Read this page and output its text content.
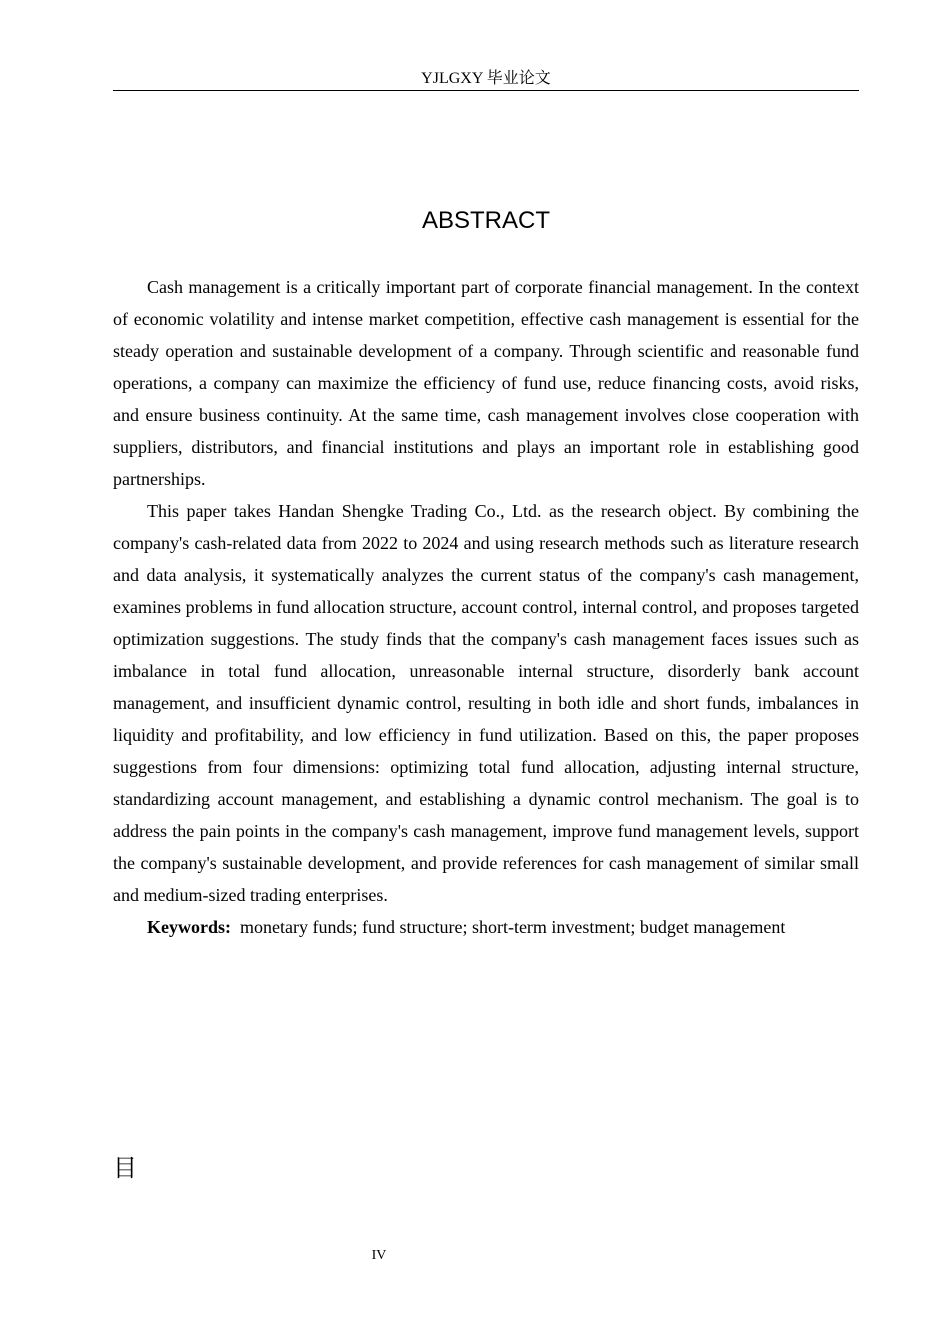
YJLGXY 毕业论文
ABSTRACT

Cash management is a critically important part of corporate financial management. In the context of economic volatility and intense market competition, effective cash management is essential for the steady operation and sustainable development of a company. Through scientific and reasonable fund operations, a company can maximize the efficiency of fund use, reduce financing costs, avoid risks, and ensure business continuity. At the same time, cash management involves close cooperation with suppliers, distributors, and financial institutions and plays an important role in establishing good partnerships.

This paper takes Handan Shengke Trading Co., Ltd. as the research object. By combining the company's cash-related data from 2022 to 2024 and using research methods such as literature research and data analysis, it systematically analyzes the current status of the company's cash management, examines problems in fund allocation structure, account control, internal control, and proposes targeted optimization suggestions. The study finds that the company's cash management faces issues such as imbalance in total fund allocation, unreasonable internal structure, disorderly bank account management, and insufficient dynamic control, resulting in both idle and short funds, imbalances in liquidity and profitability, and low efficiency in fund utilization. Based on this, the paper proposes suggestions from four dimensions: optimizing total fund allocation, adjusting internal structure, standardizing account management, and establishing a dynamic control mechanism. The goal is to address the pain points in the company's cash management, improve fund management levels, support the company's sustainable development, and provide references for cash management of similar small and medium-sized trading enterprises.

Keywords: monetary funds; fund structure; short-term investment; budget management

目
IV
